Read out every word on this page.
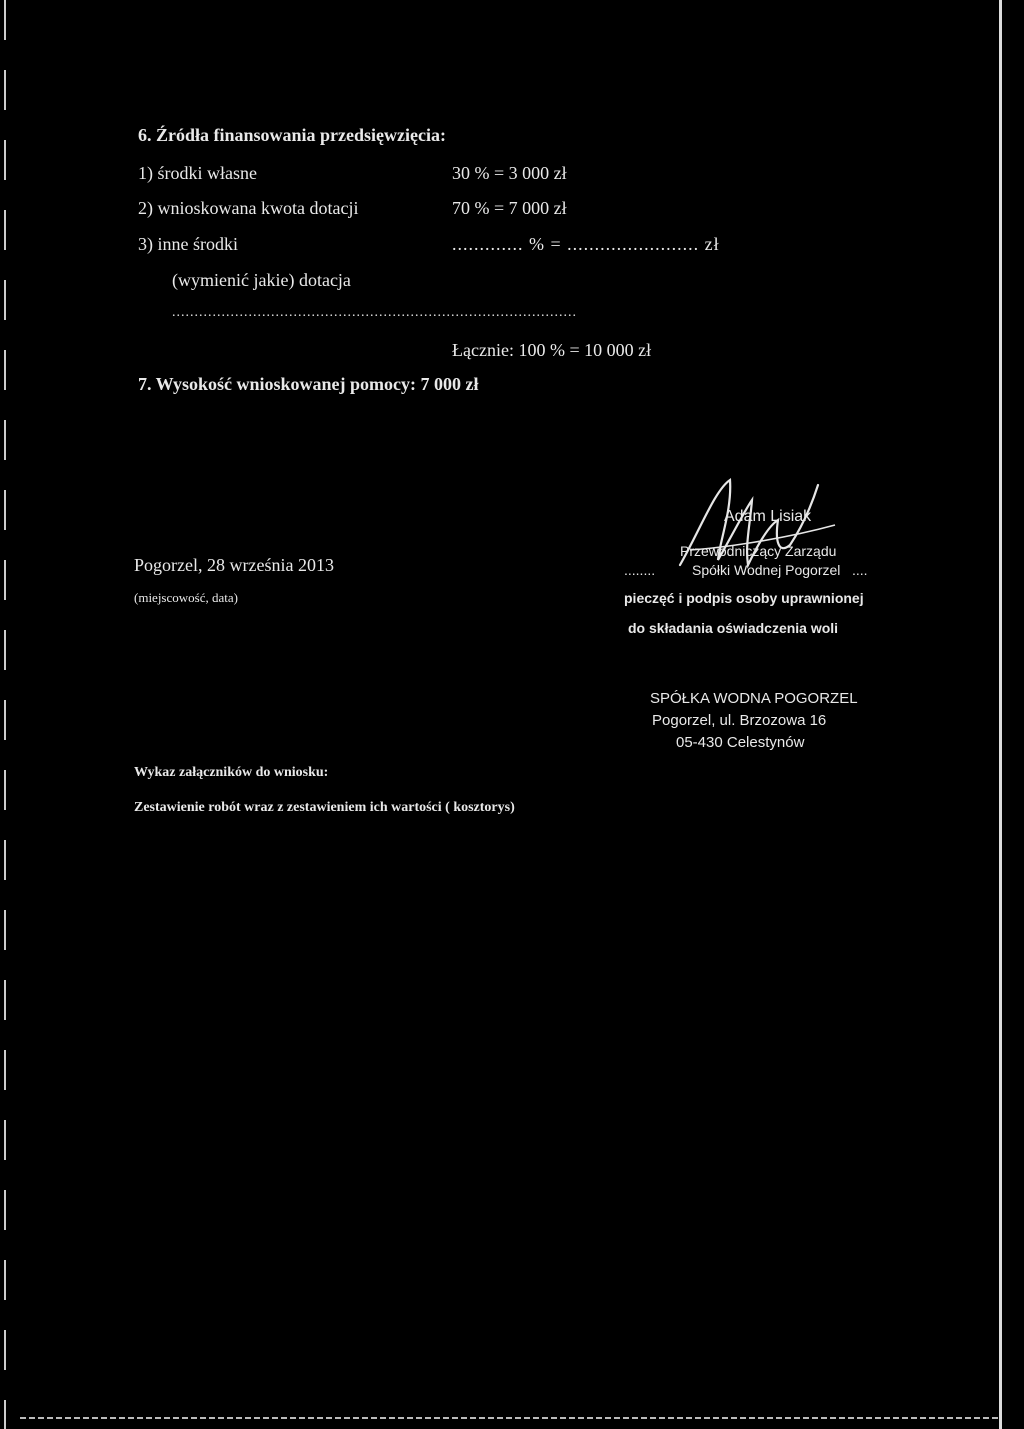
6. Źródła finansowania przedsięwzięcia:
1) środki własne	30 % = 3 000 zł
2) wnioskowana kwota dotacji	70 % = 7 000 zł
3) inne środki	............. % = ........................ zł
(wymienić jakie) dotacja
..........................................................................................
Łącznie: 100 % = 10 000 zł
7. Wysokość wnioskowanej pomocy: 7 000 zł
Pogorzel, 28 września 2013
(miejscowość, data)
Adam Lisiak
Przewodniczący Zarządu
........	Spółki Wodnej Pogorzel ....
pieczęć i podpis osoby uprawnionej
do składania oświadczenia woli
SPÓŁKA WODNA POGORZEL
Pogorzel, ul. Brzozowa 16
05-430 Celestynów
Wykaz załączników do wniosku:
Zestawienie robót wraz z zestawieniem ich wartości ( kosztorys)
